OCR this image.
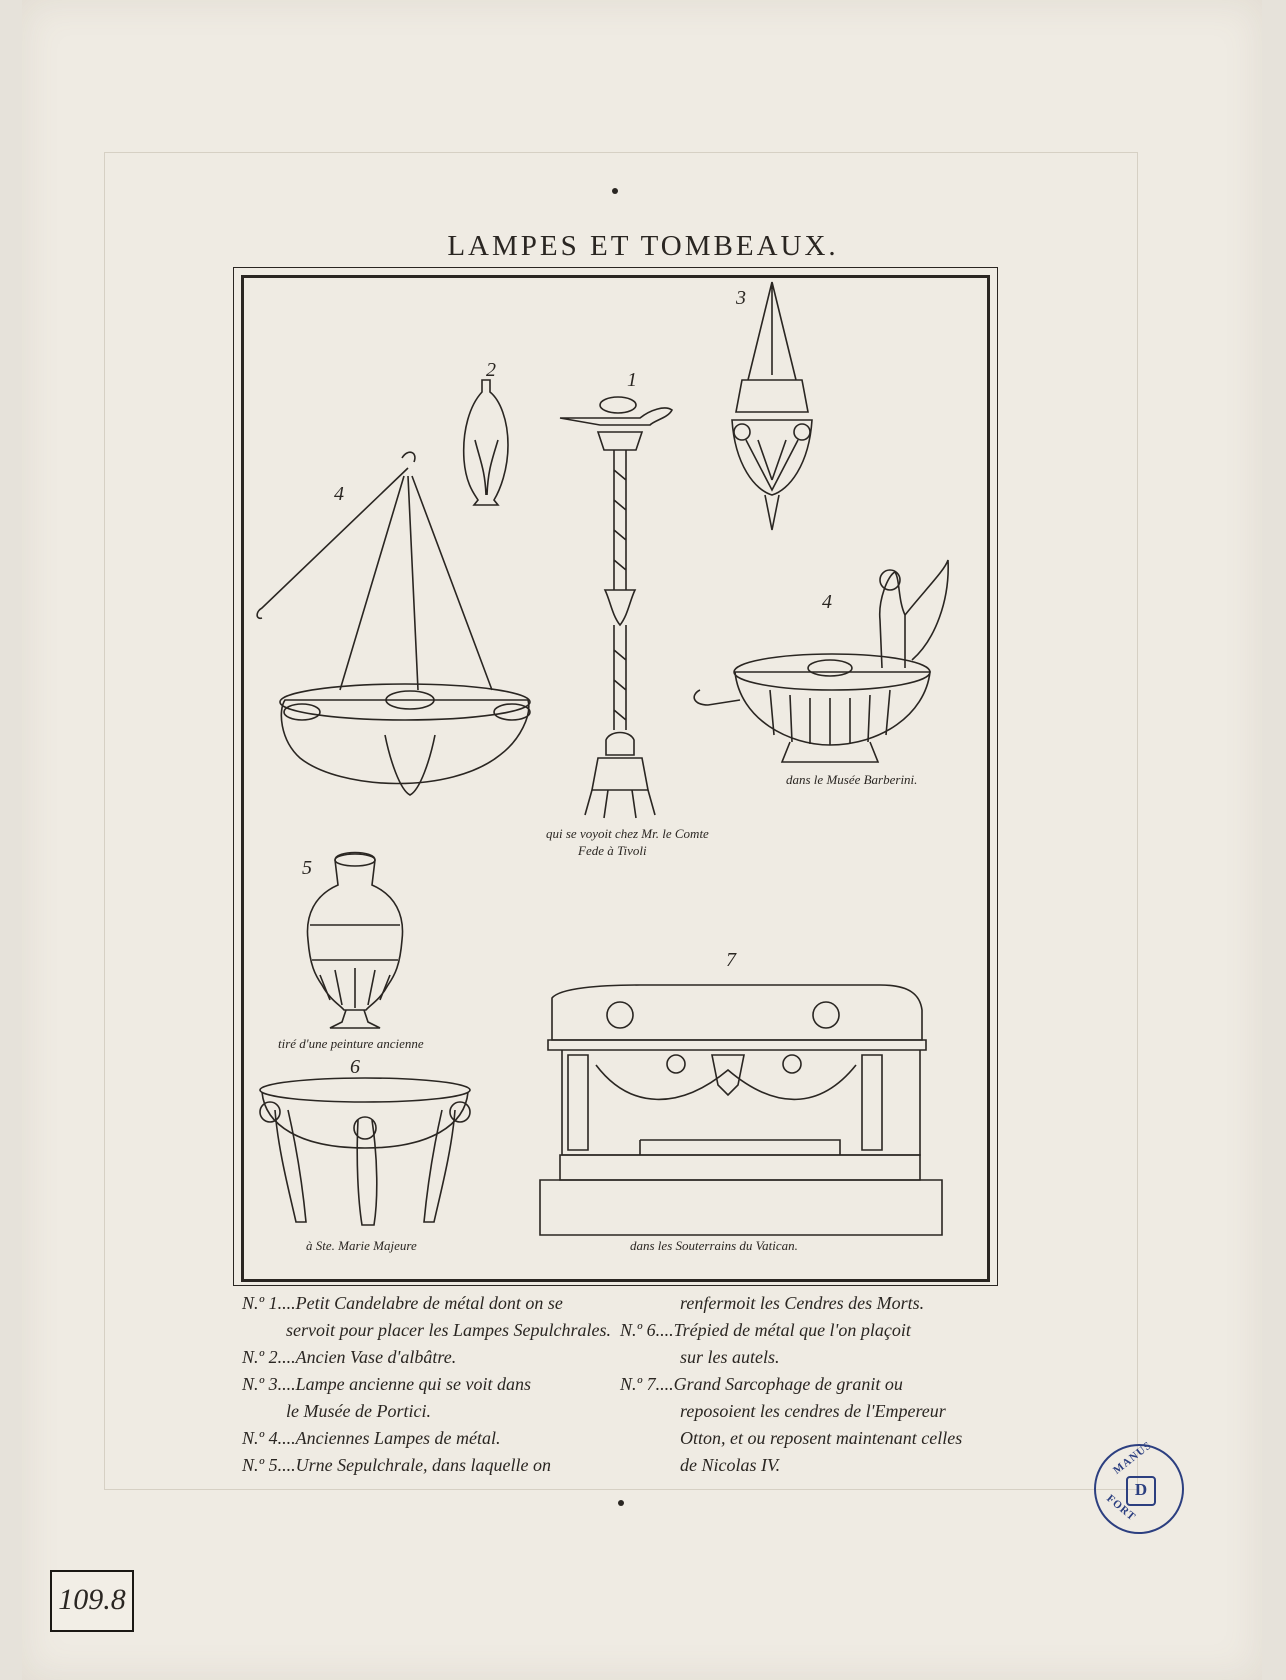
LAMPES ET TOMBEAUX.
1
2
3
4
4
5
6
7
qui se voyoit chez Mr. le Comte
Fede à Tivoli
dans le Musée Barberini.
tiré d'une peinture ancienne
à Ste. Marie Majeure	dans les Souterrains du Vatican.
N.º 1....Petit Candelabre de métal dont on se
servoit pour placer les Lampes Sepulchrales.
N.º 2....Ancien Vase d'albâtre.
N.º 3....Lampe ancienne qui se voit dans
le Musée de Portici.
N.º 4....Anciennes Lampes de métal.
N.º 5....Urne Sepulchrale, dans laquelle on
renfermoit les Cendres des Morts.
N.º 6....Trépied de métal que l'on plaçoit
sur les autels.
N.º 7....Grand Sarcophage de granit ou
reposoient les cendres de l'Empereur
Otton, et ou reposent maintenant celles
de Nicolas IV.	MANUS
D
FORT
109.8
